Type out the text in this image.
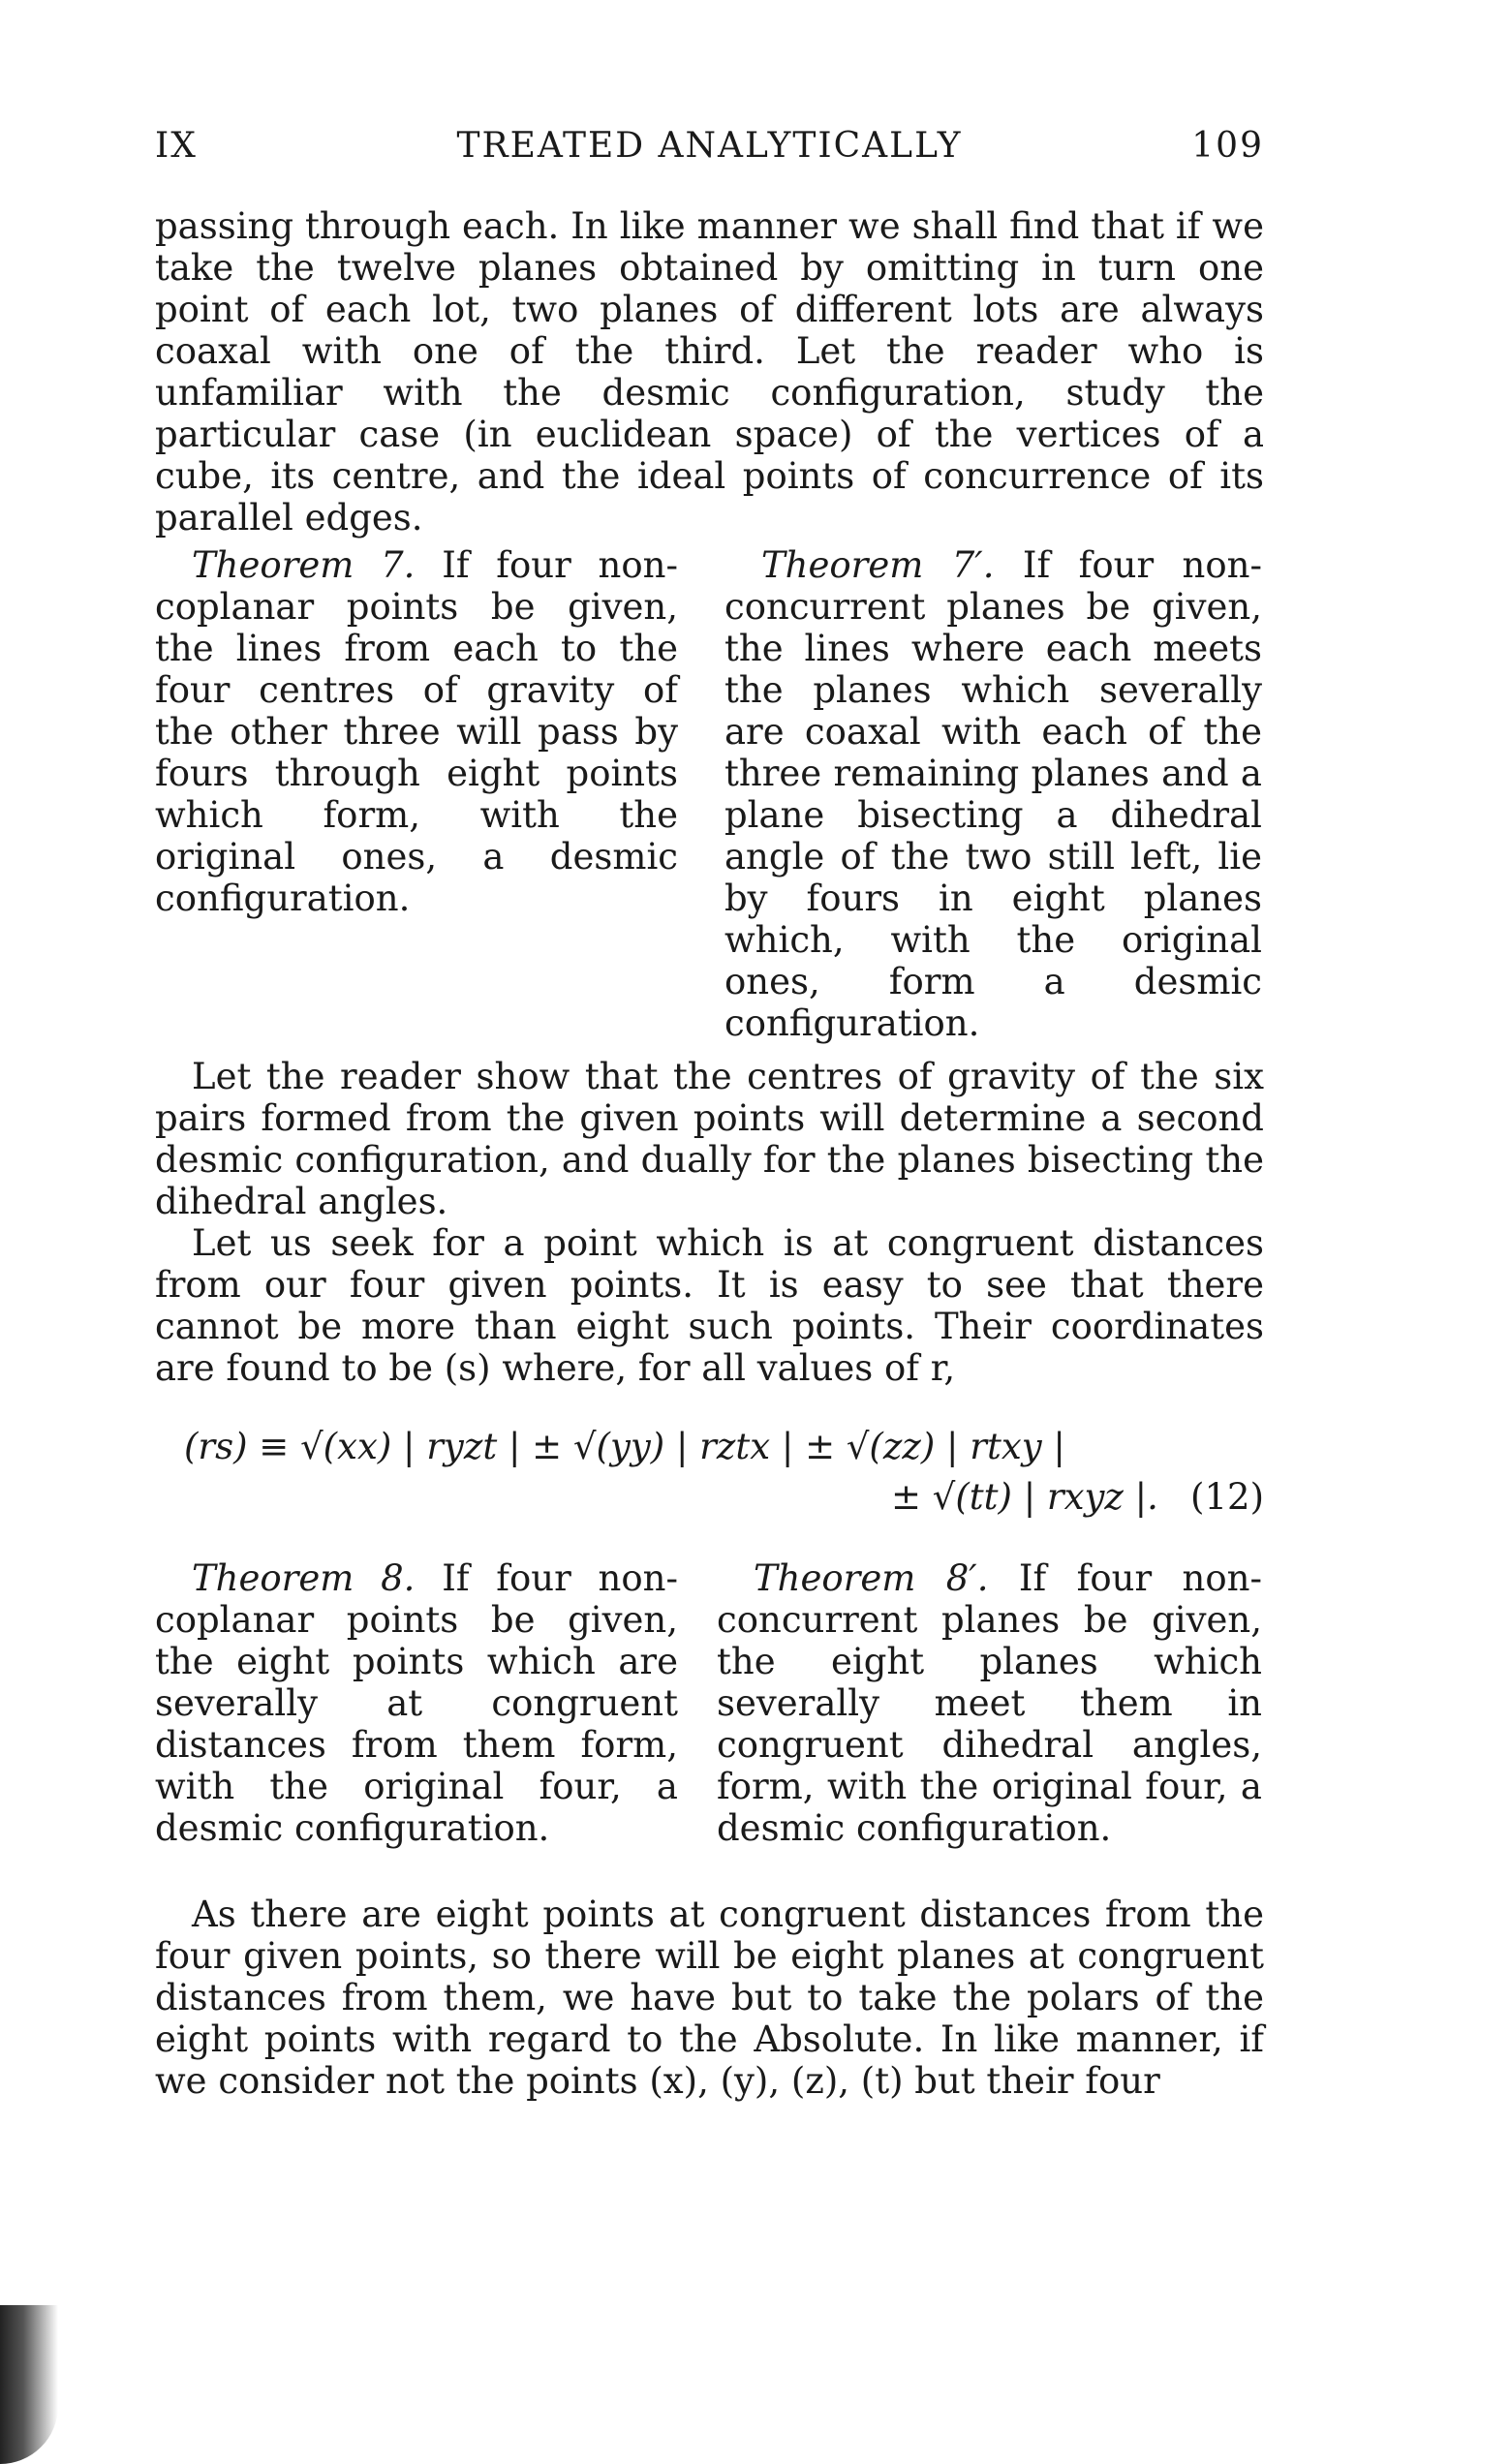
IX	TREATED ANALYTICALLY	109

passing through each. In like manner we shall find that if we take the twelve planes obtained by omitting in turn one point of each lot, two planes of different lots are always coaxal with one of the third. Let the reader who is unfamiliar with the desmic configuration, study the particular case (in euclidean space) of the vertices of a cube, its centre, and the ideal points of concurrence of its parallel edges.

Theorem 7. If four non-coplanar points be given, the lines from each to the four centres of gravity of the other three will pass by fours through eight points which form, with the original ones, a desmic configuration.

Theorem 7′. If four non-concurrent planes be given, the lines where each meets the planes which severally are coaxal with each of the three remaining planes and a plane bisecting a dihedral angle of the two still left, lie by fours in eight planes which, with the original ones, form a desmic configuration.

Let the reader show that the centres of gravity of the six pairs formed from the given points will determine a second desmic configuration, and dually for the planes bisecting the dihedral angles.

Let us seek for a point which is at congruent distances from our four given points. It is easy to see that there cannot be more than eight such points. Their coordinates are found to be (s) where, for all values of r,

(rs) ≡ √(xx) | ryzt | ± √(yy) | rztx | ± √(zz) | rtxy |
± √(tt) | rxyz |. (12)

Theorem 8. If four non-coplanar points be given, the eight points which are severally at congruent distances from them form, with the original four, a desmic configuration.

Theorem 8′. If four non-concurrent planes be given, the eight planes which severally meet them in congruent dihedral angles, form, with the original four, a desmic configuration.

As there are eight points at congruent distances from the four given points, so there will be eight planes at congruent distances from them, we have but to take the polars of the eight points with regard to the Absolute. In like manner, if we consider not the points (x), (y), (z), (t) but their four
